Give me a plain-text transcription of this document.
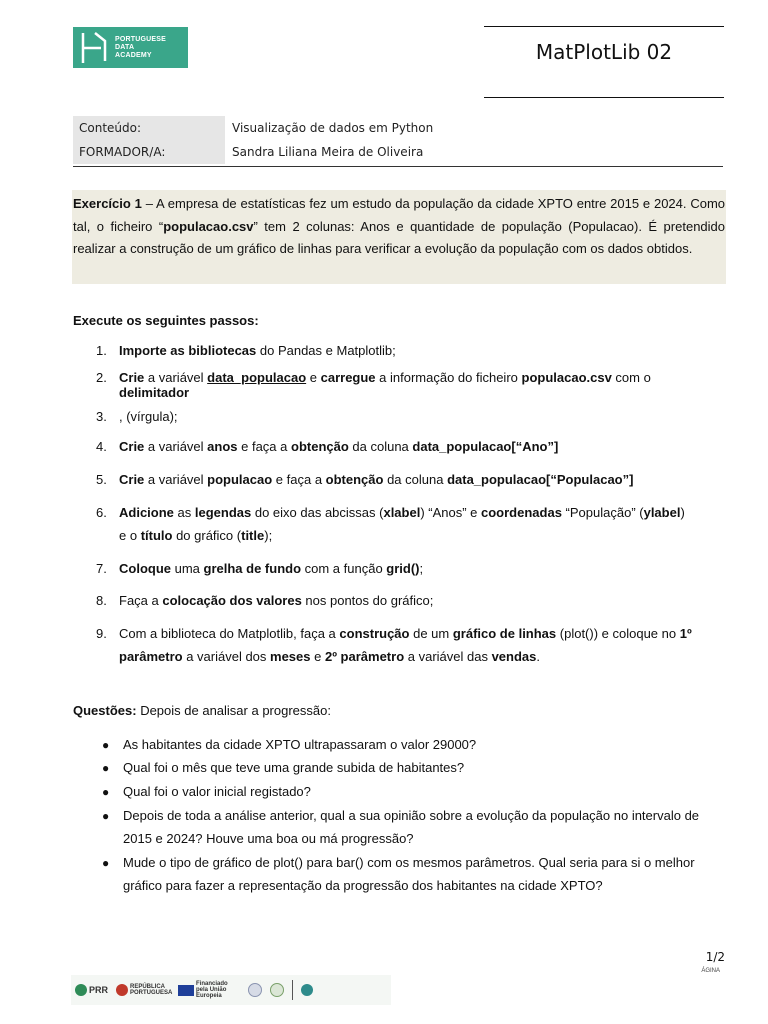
PORTUGUESE
DATA
ACADEMY	MatPlotLib 02
Conteúdo:	Visualização de dados em Python
FORMADOR/A:	Sandra Liliana Meira de Oliveira
Exercício 1 – A empresa de estatísticas fez um estudo da população da cidade XPTO entre 2015 e 2024. Como tal, o ficheiro “populacao.csv” tem 2 colunas: Anos e quantidade de população (Populacao). É pretendido realizar a construção de um gráfico de linhas para verificar a evolução da população com os dados obtidos.
Execute os seguintes passos:
1. Importe as bibliotecas do Pandas e Matplotlib;
2. Crie a variável data_populacao e carregue a informação do ficheiro populacao.csv com o delimitador
3. , (vírgula);
4. Crie a variável anos e faça a obtenção da coluna data_populacao[“Ano”]
5. Crie a variável populacao e faça a obtenção da coluna data_populacao[“Populacao”]
6. Adicione as legendas do eixo das abcissas (xlabel) “Anos” e coordenadas “População” (ylabel) e o título do gráfico (title);
7. Coloque uma grelha de fundo com a função grid();
8. Faça a colocação dos valores nos pontos do gráfico;
9. Com a biblioteca do Matplotlib, faça a construção de um gráfico de linhas (plot()) e coloque no 1º parâmetro a variável dos meses e 2º parâmetro a variável das vendas.
Questões: Depois de analisar a progressão:
● As habitantes da cidade XPTO ultrapassaram o valor 29000?
● Qual foi o mês que teve uma grande subida de habitantes?
● Qual foi o valor inicial registado?
● Depois de toda a análise anterior, qual a sua opinião sobre a evolução da população no intervalo de 2015 e 2024? Houve uma boa ou má progressão?
● Mude o tipo de gráfico de plot() para bar() com os mesmos parâmetros. Qual seria para si o melhor gráfico para fazer a representação da progressão dos habitantes na cidade XPTO?
1/2
ÁGINA
PRR	REPÚBLICA PORTUGUESA
Financiado pela União Europeia
